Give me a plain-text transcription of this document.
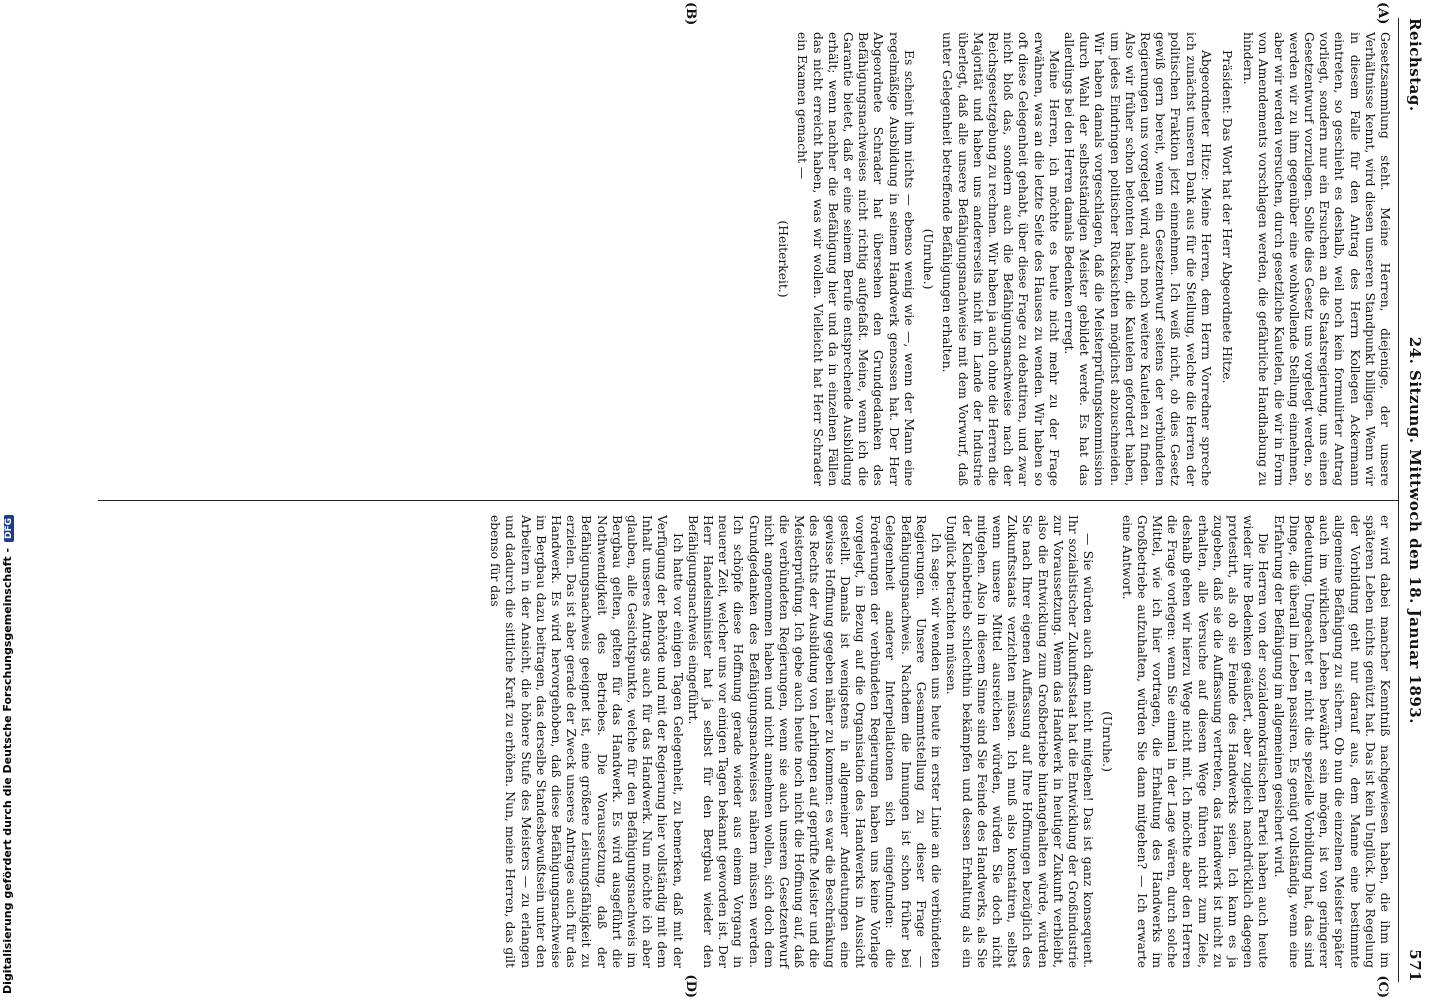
Reichstag.
24. Sitzung. Mittwoch den 18. Januar 1893.
571
(A)
(B)
(C)
(D)

Gesetzsammlung steht. Meine Herren, diejenige, der unsere Verhältnisse kennt, wird diesen unseren Standpunkt billigen. Wenn wir in diesem Falle für den Antrag des Herrn Kollegen Ackermann eintreten, so geschieht es deshalb, weil noch kein formulirter Antrag vorliegt, sondern nur ein Ersuchen an die Staatsregierung, uns einen Gesetzentwurf vorzulegen. Sollte dies Gesetz uns vorgelegt werden, so werden wir zu ihm gegenüber eine wohlwollende Stellung einnehmen, aber wir werden versuchen, durch gesetzliche Kautelen, die wir in Form von Amendements vorschlagen werden, die gefährliche Handhabung zu hindern.

Präsident: Das Wort hat der Herr Abgeordnete Hitze.

Abgeordneter Hitze: Meine Herren, dem Herrn Vorredner spreche ich zunächst unseren Dank aus für die Stellung, welche die Herren der politischen Fraktion jetzt einnehmen. Ich weiß nicht, ob dies Gesetz gewiß gern bereit, wenn ein Gesetzentwurf seitens der verbündeten Regierungen uns vorgelegt wird, auch noch weitere Kautelen zu finden. Also wir früher schon betonten haben, die Kautelen gefordert haben, um jedes Eindringen politischer Rücksichten möglichst abzuschneiden. Wir haben damals vorgeschlagen, daß die Meisterprüfungskommission durch Wahl der selbstständigen Meister gebildet werde. Es hat das allerdings bei den Herren damals Bedenken erregt.

Meine Herren, ich möchte es heute nicht mehr zu der Frage erwähnen, was an die letzte Seite des Hauses zu wenden. Wir haben so oft diese Gelegenheit gehabt, über diese Frage zu debattiren, und zwar nicht bloß das, sondern auch die Befähigungsnachweise nach der Reichsgesetzgebung zu rechnen. Wir haben ja auch ohne die Herren die Majorität und haben uns andererseits nicht im Lande der Industrie überlegt, daß alle unsere Befähigungsnachweise mit dem Vorwurf, daß unter Gelegenheit betreffende Befähigungen erhalten.

(Unruhe.)

Es scheint ihm nichts — ebenso wenig wie —, wenn der Mann eine regelmäßige Ausbildung in seinem Handwerk genossen hat. Der Herr Abgeordnete Schrader hat übersehen den Grundgedanken des Befähigungsnachweises nicht richtig aufgefaßt. Meine, wenn ich die Garantie bietet, daß er eine seinem Berufe entsprechende Ausbildung erhält; wenn nachher die Befähigung hier und da in einzelnen Fällen das nicht erreicht haben, was wir wollen. Vielleicht hat Herr Schrader ein Examen gemacht —

(Heiterkeit.)

er wird dabei mancher Kenntniß nachgewiesen haben, die ihm im späteren Leben nichts genützt hat. Das ist kein Unglück. Die Regelung der Vorbildung geht nur darauf aus, dem Manne eine bestimmte allgemeine Befähigung zu sichern. Ob nun die einzelnen Meister später auch im wirklichen Leben bewährt sein mögen, ist von geringerer Bedeutung. Ungeachtet er nicht die spezielle Vorbildung hat, das sind Dinge, die überall im Leben passiren. Es genügt vollständig, wenn eine Erfahrung der Befähigung im allgemeinen gesichert wird.

Die Herren von der sozialdemokratischen Partei haben auch heute wieder ihre Bedenken geäußert, aber zugleich nachdrücklich dagegen protestirt, als ob sie Feinde des Handwerks seien. Ich kann es ja zugeben, daß sie die Auffassung vertreten, das Handwerk ist nicht zu erhalten, alle Versuche auf diesem Wege führen nicht zum Ziele, deshalb gehen wir hierzu Wege nicht mit. Ich möchte aber den Herren die Frage vorlegen: wenn Sie einmal in der Lage wären, durch solche Mittel, wie ich hier vortragen, die Erhaltung des Handwerks im Großbetriebe aufzuhalten, würden Sie dann mitgehen? — Ich erwarte eine Antwort.

(Unruhe.)

— Sie würden auch dann nicht mitgehen! Das ist ganz konsequent. Ihr sozialistischer Zukunftsstaat hat die Entwicklung der Großindustrie zur Voraussetzung. Wenn das Handwerk in heutiger Zukunft verbleibt, also die Entwicklung zum Großbetriebe hintangehalten würde, würden Sie nach Ihrer eigenen Auffassung auf Ihre Hoffnungen bezüglich des Zukunftsstaats verzichten müssen. Ich muß also konstatiren, selbst wenn unsere Mittel ausreichen würden, würden Sie doch nicht mitgehen. Also in diesem Sinne sind Sie Feinde des Handwerks, als Sie der Kleinbetrieb schlechthin bekämpfen und dessen Erhaltung als ein Unglück betrachten müssen.

Ich sage: wir wenden uns heute in erster Linie an die verbündeten Regierungen. Unsere Gesammtstellung zu dieser Frage — Befähigungsnachweis. Nachdem die Innungen ist schon früher bei Gelegenheit anderer Interpellationen sich eingefunden: die Forderungen der verbündeten Regierungen haben uns keine Vorlage vorgelegt, in Bezug auf die Organisation des Handwerks in Aussicht gestellt. Damals ist wenigstens in allgemeiner Andeutungen eine gewisse Hoffnung gegeben näher zu kommen: es war die Beschränkung des Rechts der Ausbildung von Lehrlingen auf geprüfte Meister und die Meisterprüfung. Ich gebe auch heute noch nicht die Hoffnung auf, daß die verbündeten Regierungen, wenn sie auch unseren Gesetzentwurf nicht angenommen haben und nicht annehmen wollen, sich doch dem Grundgedanken des Befähigungsnachweises nähern müssen werden. Ich schöpfe diese Hoffnung gerade wieder aus einem Vorgang in neuerer Zeit, welcher uns vor einigen Tagen bekannt geworden ist. Der Herr Handelsminister hat ja selbst für den Bergbau wieder den Befähigungsnachweis eingeführt.

Ich hatte vor einigen Tagen Gelegenheit, zu bemerken, daß mit der Verfügung der Behörde und mit der Regierung hier vollständig mit dem Inhalt unseres Antrags auch für das Handwerk. Nun möchte ich aber glauben, alle Gesichtspunkte, welche für den Befähigungsnachweis im Bergbau gelten, gelten für das Handwerk. Es wird ausgeführt die Nothwendigkeit des Betriebes. Die Voraussetzung, daß der Befähigungsnachweis geeignet ist, eine größere Leistungsfähigkeit zu erzielen. Das ist aber gerade der Zweck unseres Antrages auch für das Handwerk. Es wird hervorgehoben, daß diese Befähigungsnachweise im Bergbau dazu beitragen, das derselbe Standesbewußtsein unter den Arbeitern in der Ansicht, die höhere Stufe des Meisters — zu erlangen und dadurch die sittliche Kraft zu erhöhen. Nun, meine Herren, das gilt ebenso für das

Digitalisierung gefördert durch die Deutsche Forschungsgemeinschaft -DFG
